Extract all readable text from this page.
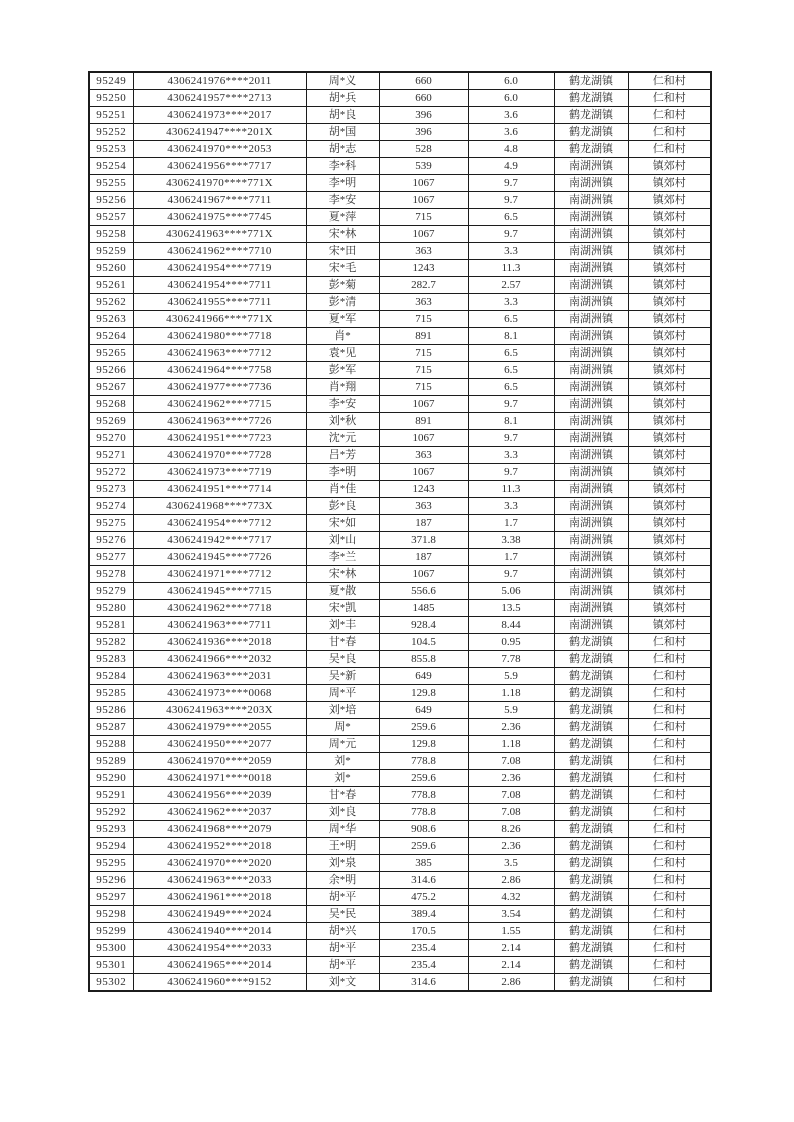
95249	4306241976****2011	周*义	660	6.0	鹤龙湖镇	仁和村
95250	4306241957****2713	胡*兵	660	6.0	鹤龙湖镇	仁和村
95251	4306241973****2017	胡*良	396	3.6	鹤龙湖镇	仁和村
95252	4306241947****201X	胡*国	396	3.6	鹤龙湖镇	仁和村
95253	4306241970****2053	胡*志	528	4.8	鹤龙湖镇	仁和村
95254	4306241956****7717	李*科	539	4.9	南湖洲镇	镇郊村
95255	4306241970****771X	李*明	1067	9.7	南湖洲镇	镇郊村
95256	4306241967****7711	李*安	1067	9.7	南湖洲镇	镇郊村
95257	4306241975****7745	夏*萍	715	6.5	南湖洲镇	镇郊村
95258	4306241963****771X	宋*林	1067	9.7	南湖洲镇	镇郊村
95259	4306241962****7710	宋*田	363	3.3	南湖洲镇	镇郊村
95260	4306241954****7719	宋*毛	1243	11.3	南湖洲镇	镇郊村
95261	4306241954****7711	彭*菊	282.7	2.57	南湖洲镇	镇郊村
95262	4306241955****7711	彭*清	363	3.3	南湖洲镇	镇郊村
95263	4306241966****771X	夏*军	715	6.5	南湖洲镇	镇郊村
95264	4306241980****7718	肖*	891	8.1	南湖洲镇	镇郊村
95265	4306241963****7712	袁*见	715	6.5	南湖洲镇	镇郊村
95266	4306241964****7758	彭*军	715	6.5	南湖洲镇	镇郊村
95267	4306241977****7736	肖*翔	715	6.5	南湖洲镇	镇郊村
95268	4306241962****7715	李*安	1067	9.7	南湖洲镇	镇郊村
95269	4306241963****7726	刘*秋	891	8.1	南湖洲镇	镇郊村
95270	4306241951****7723	沈*元	1067	9.7	南湖洲镇	镇郊村
95271	4306241970****7728	吕*芳	363	3.3	南湖洲镇	镇郊村
95272	4306241973****7719	李*明	1067	9.7	南湖洲镇	镇郊村
95273	4306241951****7714	肖*佳	1243	11.3	南湖洲镇	镇郊村
95274	4306241968****773X	彭*良	363	3.3	南湖洲镇	镇郊村
95275	4306241954****7712	宋*如	187	1.7	南湖洲镇	镇郊村
95276	4306241942****7717	刘*山	371.8	3.38	南湖洲镇	镇郊村
95277	4306241945****7726	李*兰	187	1.7	南湖洲镇	镇郊村
95278	4306241971****7712	宋*林	1067	9.7	南湖洲镇	镇郊村
95279	4306241945****7715	夏*散	556.6	5.06	南湖洲镇	镇郊村
95280	4306241962****7718	宋*凯	1485	13.5	南湖洲镇	镇郊村
95281	4306241963****7711	刘*丰	928.4	8.44	南湖洲镇	镇郊村
95282	4306241936****2018	甘*春	104.5	0.95	鹤龙湖镇	仁和村
95283	4306241966****2032	吴*良	855.8	7.78	鹤龙湖镇	仁和村
95284	4306241963****2031	吴*新	649	5.9	鹤龙湖镇	仁和村
95285	4306241973****0068	周*平	129.8	1.18	鹤龙湖镇	仁和村
95286	4306241963****203X	刘*培	649	5.9	鹤龙湖镇	仁和村
95287	4306241979****2055	周*	259.6	2.36	鹤龙湖镇	仁和村
95288	4306241950****2077	周*元	129.8	1.18	鹤龙湖镇	仁和村
95289	4306241970****2059	刘*	778.8	7.08	鹤龙湖镇	仁和村
95290	4306241971****0018	刘*	259.6	2.36	鹤龙湖镇	仁和村
95291	4306241956****2039	甘*春	778.8	7.08	鹤龙湖镇	仁和村
95292	4306241962****2037	刘*良	778.8	7.08	鹤龙湖镇	仁和村
95293	4306241968****2079	周*华	908.6	8.26	鹤龙湖镇	仁和村
95294	4306241952****2018	王*明	259.6	2.36	鹤龙湖镇	仁和村
95295	4306241970****2020	刘*泉	385	3.5	鹤龙湖镇	仁和村
95296	4306241963****2033	余*明	314.6	2.86	鹤龙湖镇	仁和村
95297	4306241961****2018	胡*平	475.2	4.32	鹤龙湖镇	仁和村
95298	4306241949****2024	吴*民	389.4	3.54	鹤龙湖镇	仁和村
95299	4306241940****2014	胡*兴	170.5	1.55	鹤龙湖镇	仁和村
95300	4306241954****2033	胡*平	235.4	2.14	鹤龙湖镇	仁和村
95301	4306241965****2014	胡*平	235.4	2.14	鹤龙湖镇	仁和村
95302	4306241960****9152	刘*文	314.6	2.86	鹤龙湖镇	仁和村
